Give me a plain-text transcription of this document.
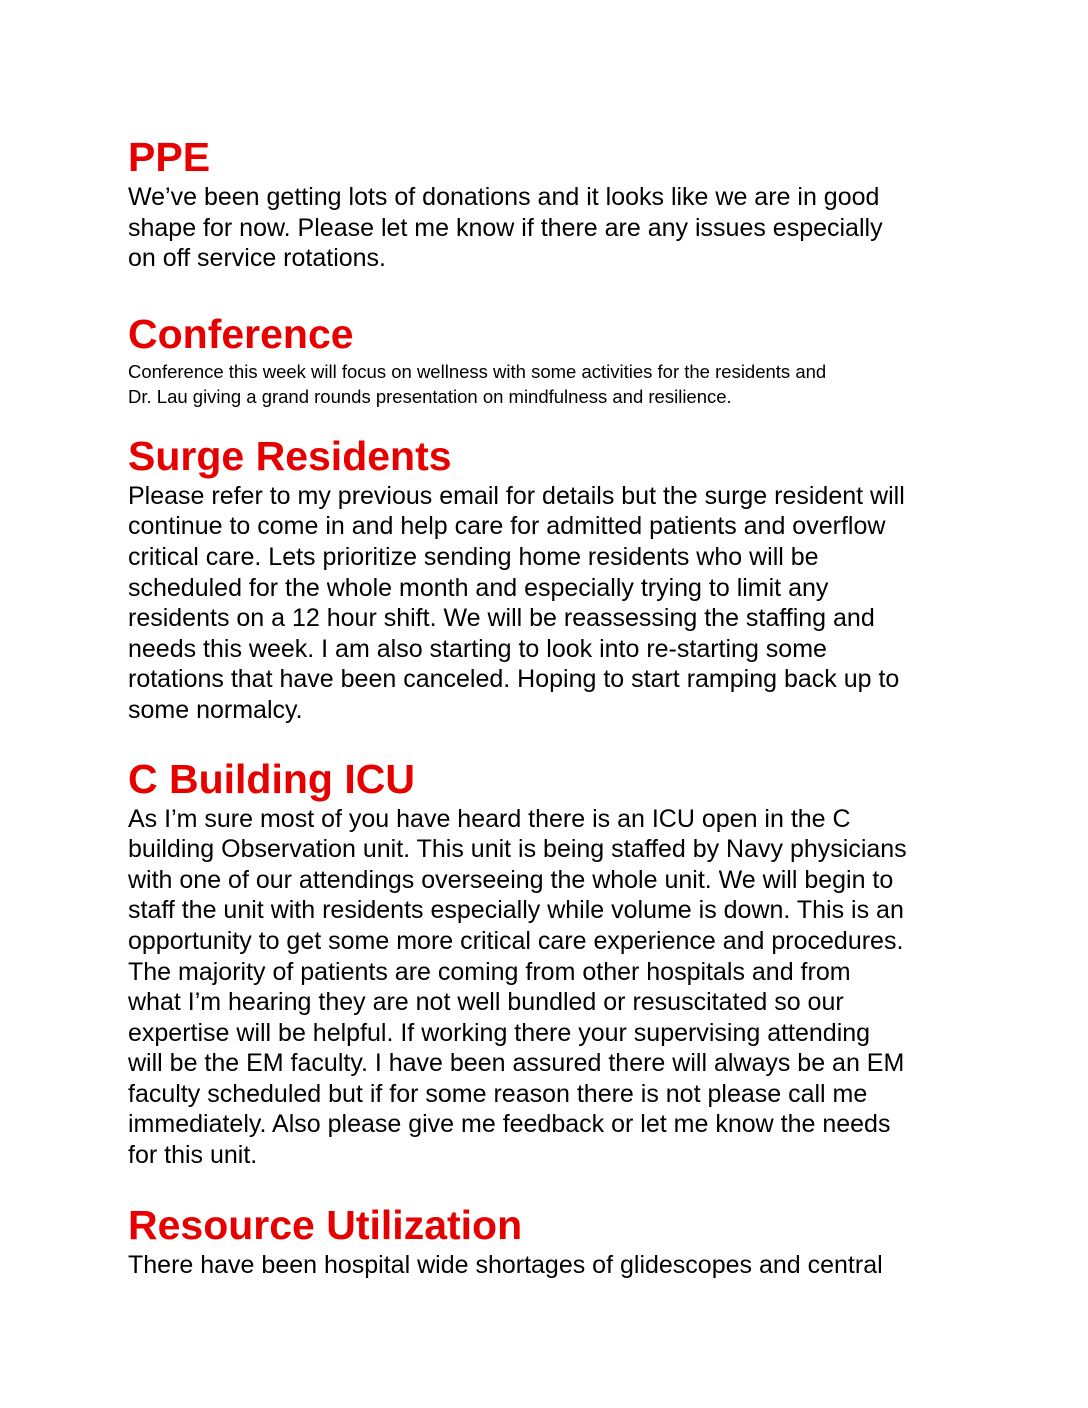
PPE

We’ve been getting lots of donations and it looks like we are in good
shape for now. Please let me know if there are any issues especially
on off service rotations.

Conference

Conference this week will focus on wellness with some activities for the residents and
Dr. Lau giving a grand rounds presentation on mindfulness and resilience.

Surge Residents

Please refer to my previous email for details but the surge resident will
continue to come in and help care for admitted patients and overflow
critical care. Lets prioritize sending home residents who will be
scheduled for the whole month and especially trying to limit any
residents on a 12 hour shift. We will be reassessing the staffing and
needs this week. I am also starting to look into re-starting some
rotations that have been canceled. Hoping to start ramping back up to
some normalcy.

C Building ICU

As I’m sure most of you have heard there is an ICU open in the C
building Observation unit. This unit is being staffed by Navy physicians
with one of our attendings overseeing the whole unit. We will begin to
staff the unit with residents especially while volume is down. This is an
opportunity to get some more critical care experience and procedures.
The majority of patients are coming from other hospitals and from
what I’m hearing they are not well bundled or resuscitated so our
expertise will be helpful. If working there your supervising attending
will be the EM faculty. I have been assured there will always be an EM
faculty scheduled but if for some reason there is not please call me
immediately. Also please give me feedback or let me know the needs
for this unit.

Resource Utilization

There have been hospital wide shortages of glidescopes and central
